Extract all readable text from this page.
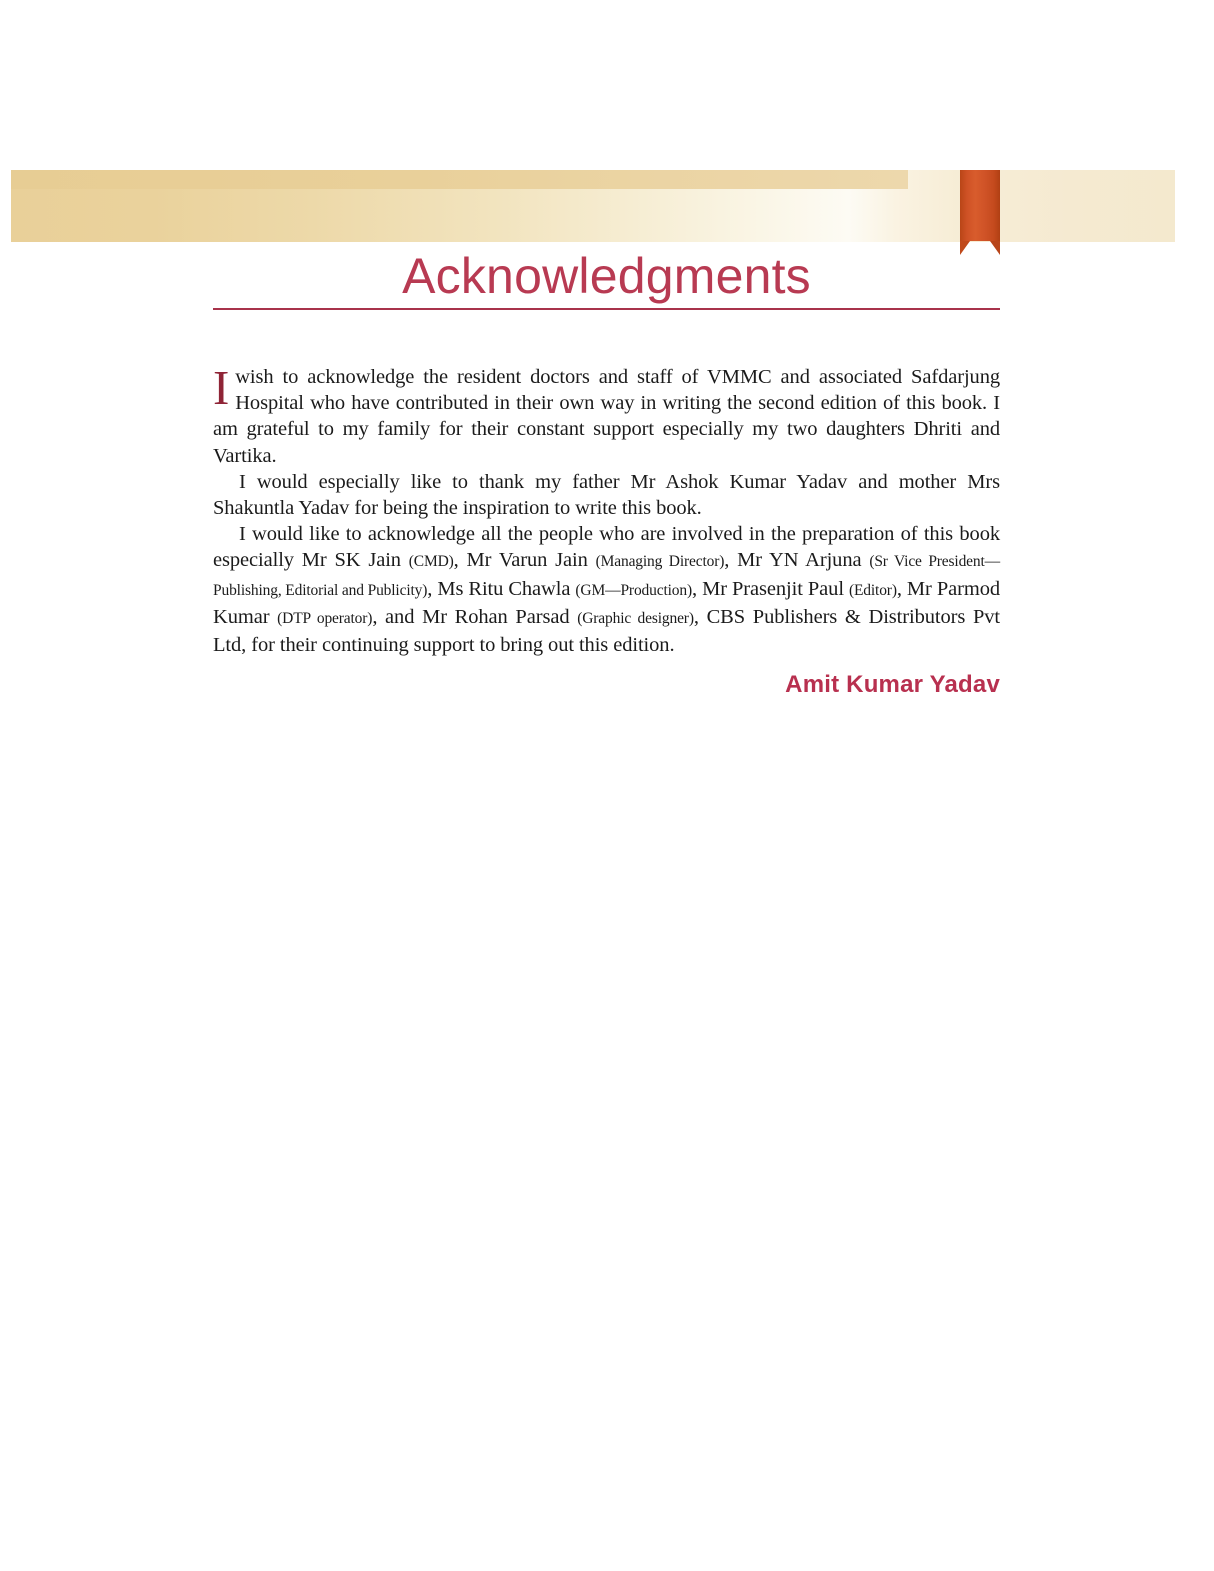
Acknowledgments

Iwish to acknowledge the resident doctors and staff of VMMC and associated Safdarjung Hospital who have contributed in their own way in writing the second edition of this book. I am grateful to my family for their constant support especially my two daughters Dhriti and Vartika.

I would especially like to thank my father Mr Ashok Kumar Yadav and mother Mrs Shakuntla Yadav for being the inspiration to write this book.

I would like to acknowledge all the people who are involved in the preparation of this book especially Mr SK Jain (CMD), Mr Varun Jain (Managing Director), Mr YN Arjuna (Sr Vice President—Publishing, Editorial and Publicity), Ms Ritu Chawla (GM—Production), Mr Prasenjit Paul (Editor), Mr Parmod Kumar (DTP operator), and Mr Rohan Parsad (Graphic designer), CBS Publishers & Distributors Pvt Ltd, for their continuing support to bring out this edition.

Amit Kumar Yadav
